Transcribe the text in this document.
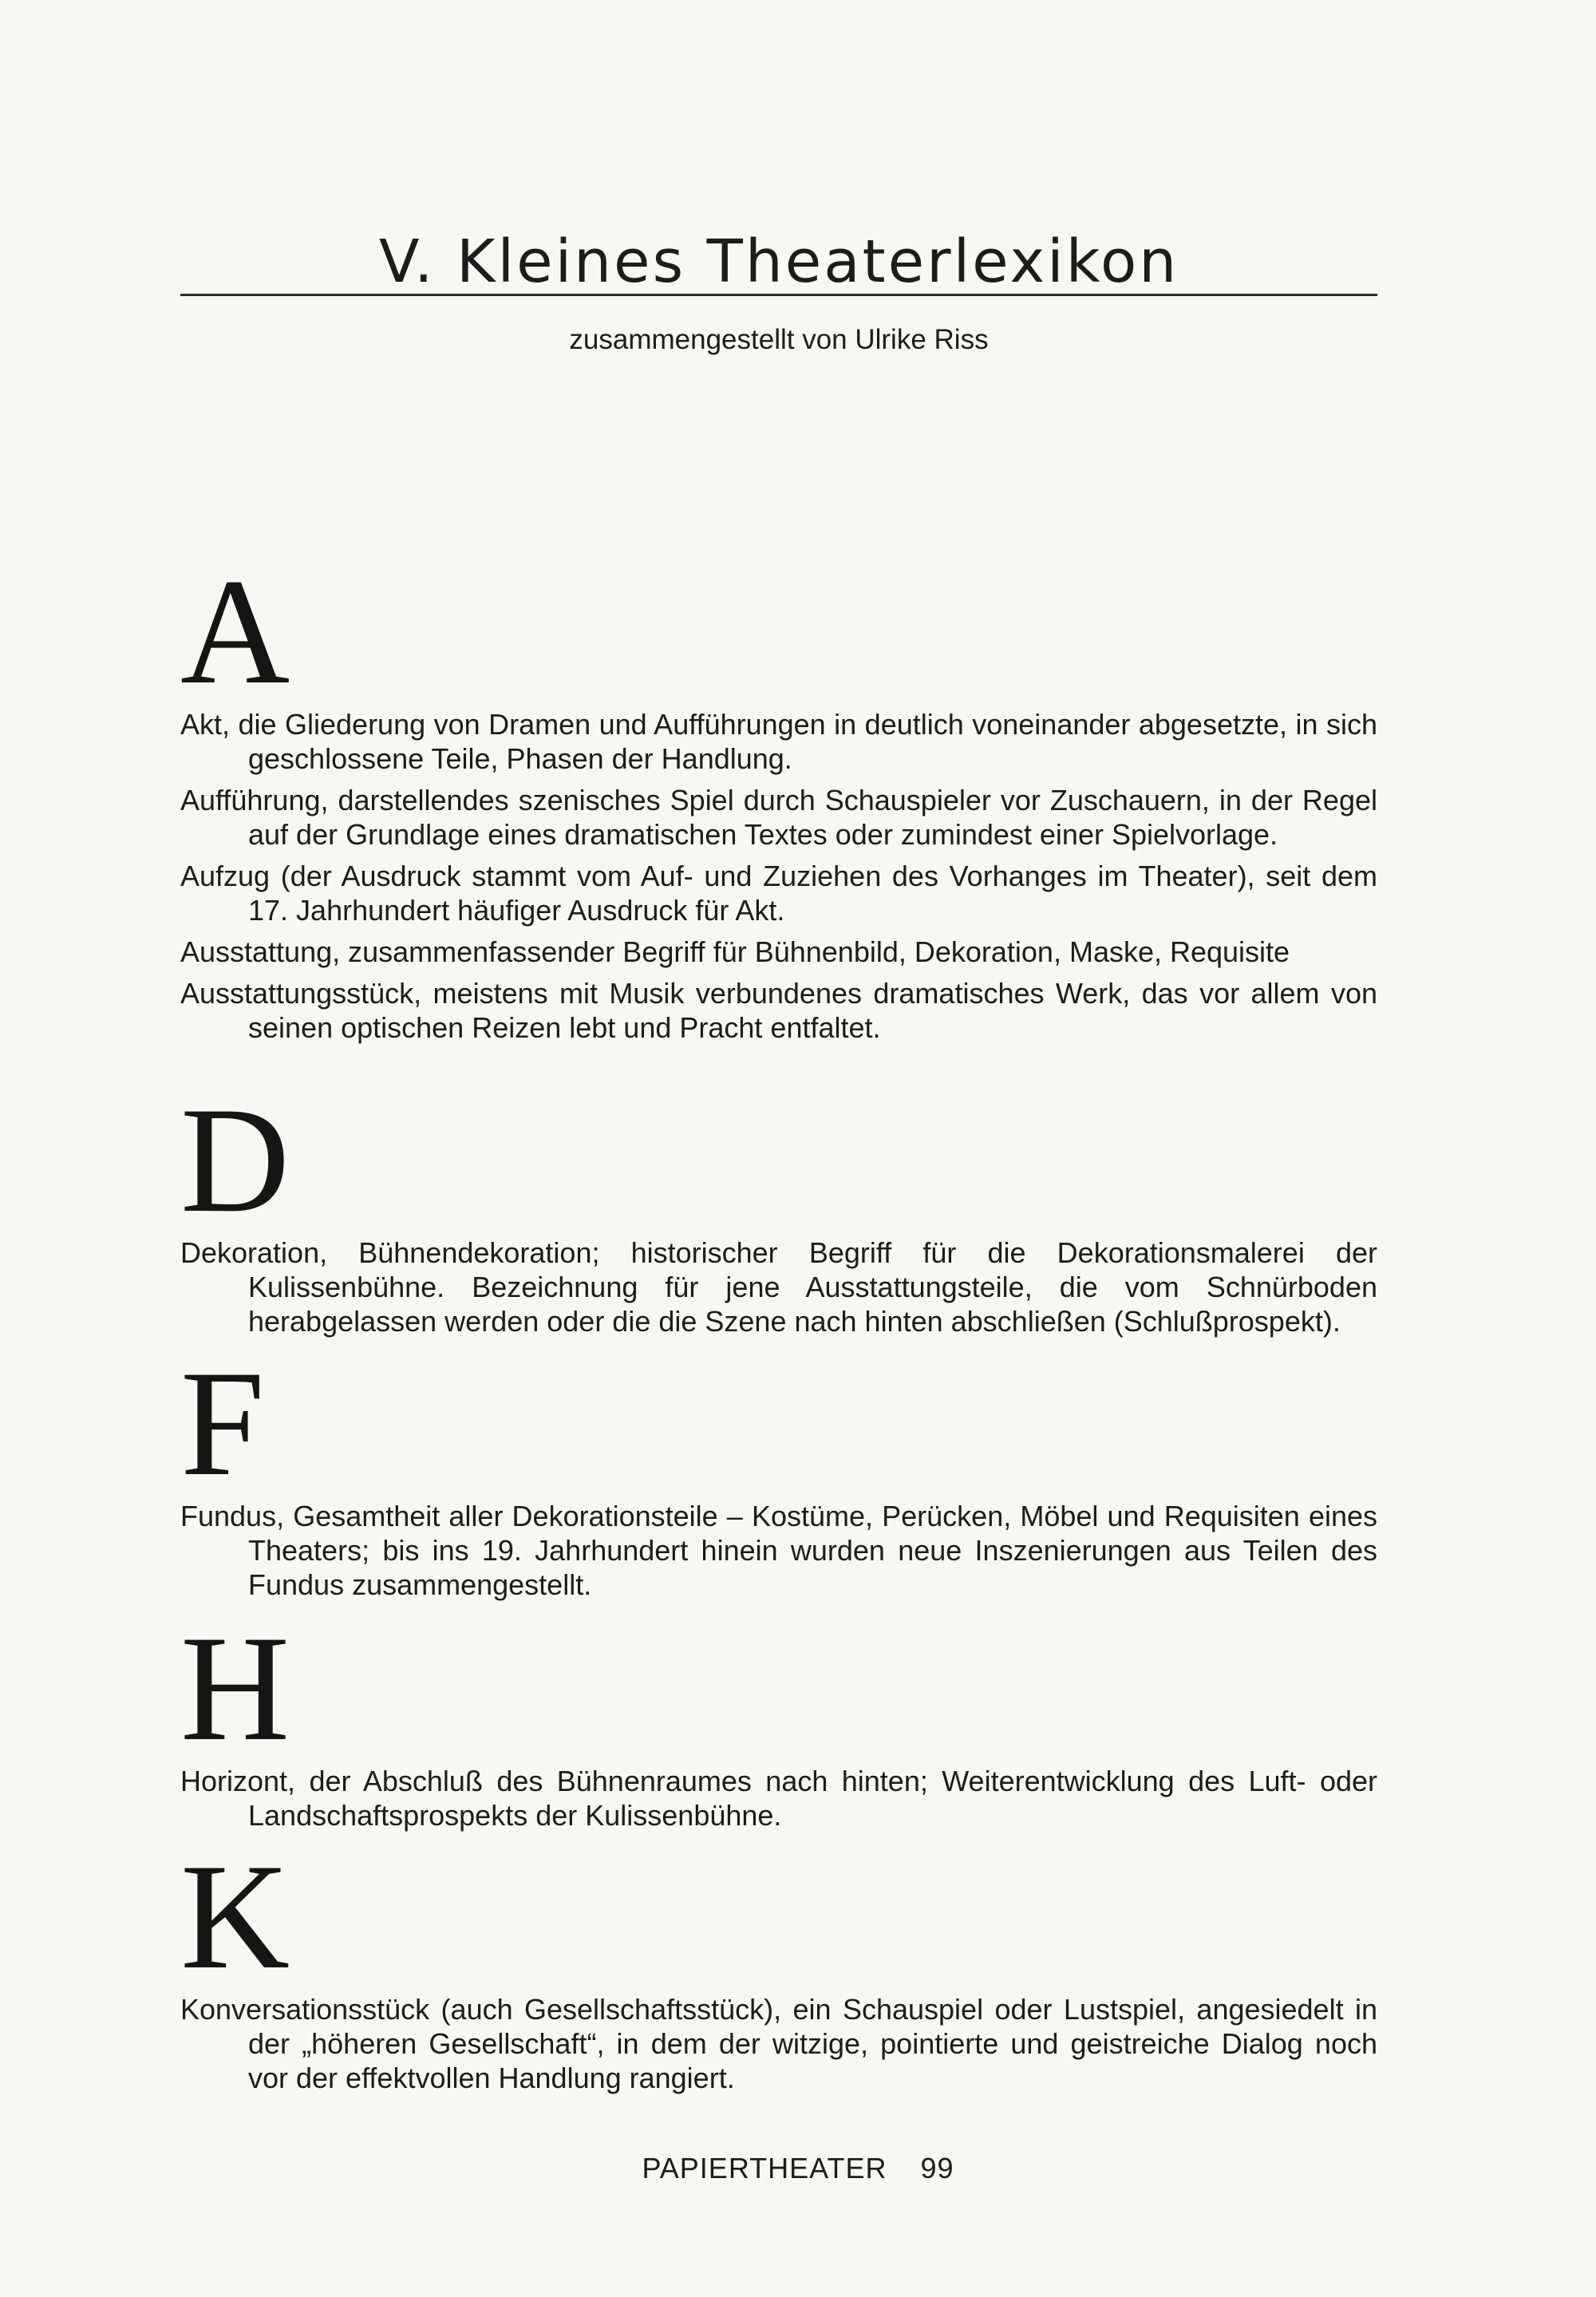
V. Kleines Theaterlexikon
zusammengestellt von Ulrike Riss
A

Akt, die Gliederung von Dramen und Aufführungen in deutlich voneinander abgesetzte, in sich geschlossene Teile, Phasen der Handlung.

Aufführung, darstellendes szenisches Spiel durch Schauspieler vor Zuschauern, in der Regel auf der Grundlage eines dramatischen Textes oder zumindest einer Spielvorlage.

Aufzug (der Ausdruck stammt vom Auf- und Zuziehen des Vorhanges im Theater), seit dem 17. Jahrhundert häufiger Ausdruck für Akt.

Ausstattung, zusammenfassender Begriff für Bühnenbild, Dekoration, Maske, Requisite

Ausstattungsstück, meistens mit Musik verbundenes dramatisches Werk, das vor allem von seinen optischen Reizen lebt und Pracht entfaltet.

D

Dekoration, Bühnendekoration; historischer Begriff für die Dekorationsmalerei der Kulissenbühne. Bezeichnung für jene Ausstattungsteile, die vom Schnürboden herabgelassen werden oder die die Szene nach hinten abschließen (Schlußprospekt).

F

Fundus, Gesamtheit aller Dekorationsteile – Kostüme, Perücken, Möbel und Requisiten eines Theaters; bis ins 19. Jahrhundert hinein wurden neue Inszenierungen aus Teilen des Fundus zusammengestellt.

H

Horizont, der Abschluß des Bühnenraumes nach hinten; Weiterentwicklung des Luft- oder Landschaftsprospekts der Kulissenbühne.

K

Konversationsstück (auch Gesellschaftsstück), ein Schauspiel oder Lustspiel, angesiedelt in der „höheren Gesellschaft“, in dem der witzige, pointierte und geistreiche Dialog noch vor der effektvollen Handlung rangiert.

PAPIERTHEATER 99
